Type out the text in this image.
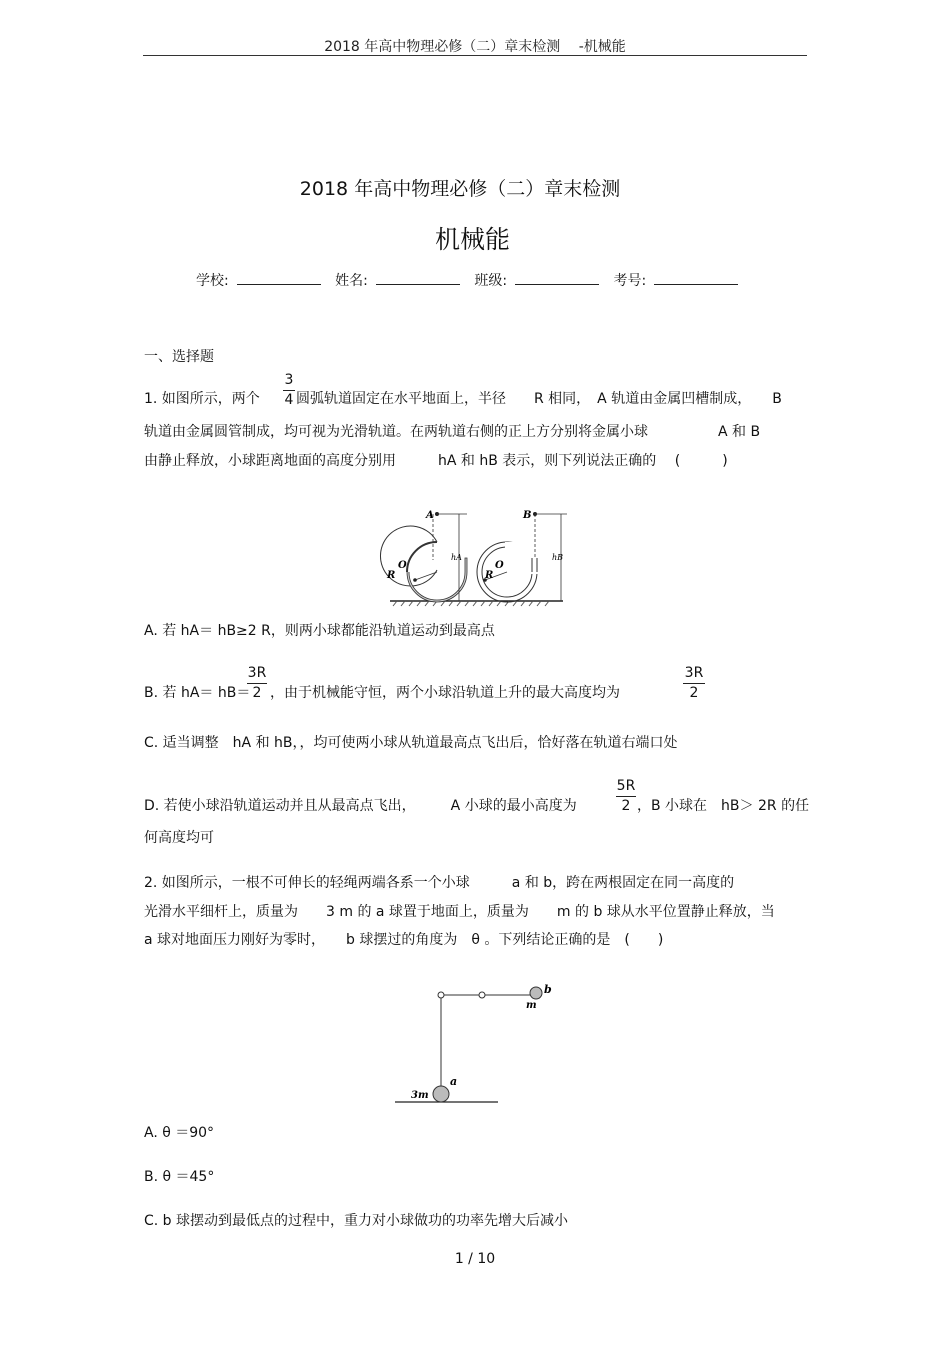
2018 年高中物理必修（二）章末检测　 -机械能
2018 年高中物理必修（二）章末检测
机械能
学校:	姓名:	班级:	考号:
一、选择题
1. 如图所示，两个
3
4 圆弧轨道固定在水平地面上，半径　　R 相同，　A 轨道由金属凹槽制成，　　B
轨道由金属圆管制成，均可视为光滑轨道。在两轨道右侧的正上方分别将金属小球　　　　　A 和 B
由静止释放，小球距离地面的高度分别用　　　hA 和 hB 表示，则下列说法正确的　 (　　　)
A
O
R
hA
B
O
R
hB
A. 若 hA＝ hB≥2 R，则两小球都能沿轨道运动到最高点
B. 若 hA＝ hB＝
3R
2 ，由于机械能守恒，两个小球沿轨道上升的最大高度均为
3R
2
C. 适当调整　hA 和 hB，，均可使两小球从轨道最高点飞出后，恰好落在轨道右端口处
D. 若使小球沿轨道运动并且从最高点飞出，　　　A 小球的最小高度为
5R
2 ，B 小球在　hB＞ 2R 的任
何高度均可
2. 如图所示，一根不可伸长的轻绳两端各系一个小球　　　a 和 b，跨在两根固定在同一高度的
光滑水平细杆上，质量为　　3 m 的 a 球置于地面上，质量为　　m 的 b 球从水平位置静止释放，当
a 球对地面压力刚好为零时，　　b 球摆过的角度为　θ 。下列结论正确的是　(　　)
b
m
a
3m
A. θ ＝90°
B. θ ＝45°
C. b 球摆动到最低点的过程中，重力对小球做功的功率先增大后减小
1 / 10
